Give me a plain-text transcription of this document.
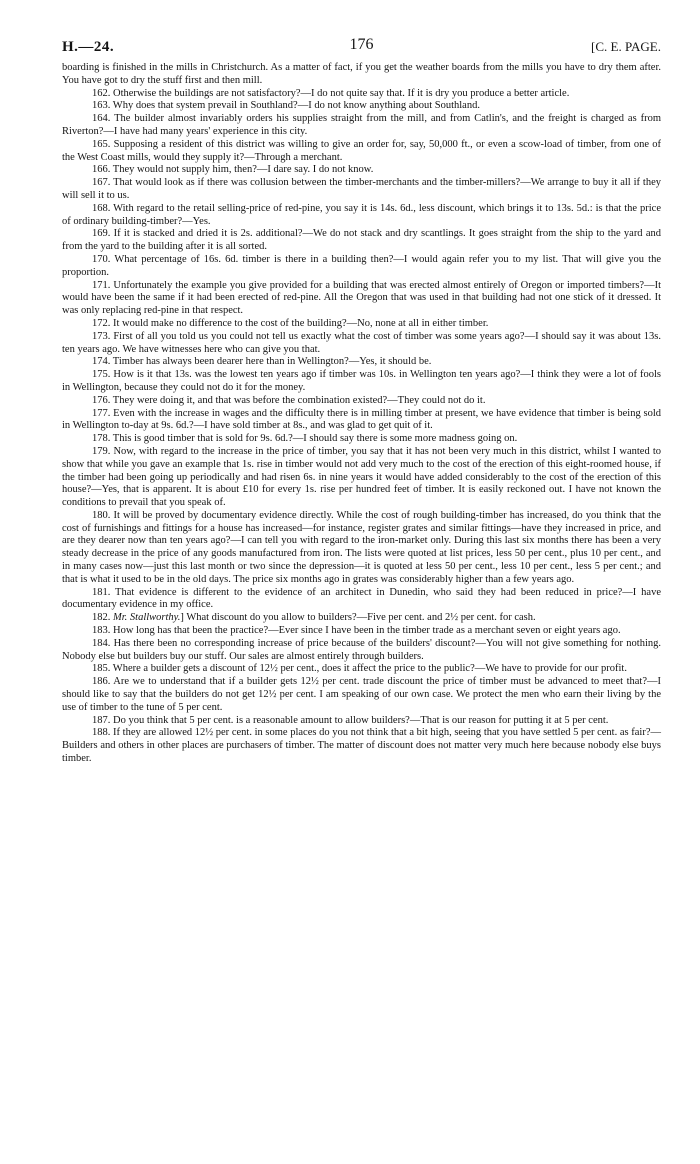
H.—24.	176	[C. E. PAGE.

boarding is finished in the mills in Christchurch. As a matter of fact, if you get the weather boards from the mills you have to dry them after. You have got to dry the stuff first and then mill.

162. Otherwise the buildings are not satisfactory?—I do not quite say that. If it is dry you produce a better article.

163. Why does that system prevail in Southland?—I do not know anything about Southland.

164. The builder almost invariably orders his supplies straight from the mill, and from Catlin's, and the freight is charged as from Riverton?—I have had many years' experience in this city.

165. Supposing a resident of this district was willing to give an order for, say, 50,000 ft., or even a scow-load of timber, from one of the West Coast mills, would they supply it?—Through a merchant.

166. They would not supply him, then?—I dare say. I do not know.

167. That would look as if there was collusion between the timber-merchants and the timber-millers?—We arrange to buy it all if they will sell it to us.

168. With regard to the retail selling-price of red-pine, you say it is 14s. 6d., less discount, which brings it to 13s. 5d.: is that the price of ordinary building-timber?—Yes.

169. If it is stacked and dried it is 2s. additional?—We do not stack and dry scantlings. It goes straight from the ship to the yard and from the yard to the building after it is all sorted.

170. What percentage of 16s. 6d. timber is there in a building then?—I would again refer you to my list. That will give you the proportion.

171. Unfortunately the example you give provided for a building that was erected almost entirely of Oregon or imported timbers?—It would have been the same if it had been erected of red-pine. All the Oregon that was used in that building had not one stick of it dressed. It was only replacing red-pine in that respect.

172. It would make no difference to the cost of the building?—No, none at all in either timber.

173. First of all you told us you could not tell us exactly what the cost of timber was some years ago?—I should say it was about 13s. ten years ago. We have witnesses here who can give you that.

174. Timber has always been dearer here than in Wellington?—Yes, it should be.

175. How is it that 13s. was the lowest ten years ago if timber was 10s. in Wellington ten years ago?—I think they were a lot of fools in Wellington, because they could not do it for the money.

176. They were doing it, and that was before the combination existed?—They could not do it.

177. Even with the increase in wages and the difficulty there is in milling timber at present, we have evidence that timber is being sold in Wellington to-day at 9s. 6d.?—I have sold timber at 8s., and was glad to get quit of it.

178. This is good timber that is sold for 9s. 6d.?—I should say there is some more madness going on.

179. Now, with regard to the increase in the price of timber, you say that it has not been very much in this district, whilst I wanted to show that while you gave an example that 1s. rise in timber would not add very much to the cost of the erection of this eight-roomed house, if the timber had been going up periodically and had risen 6s. in nine years it would have added considerably to the cost of the erection of this house?—Yes, that is apparent. It is about £10 for every 1s. rise per hundred feet of timber. It is easily reckoned out. I have not known the conditions to prevail that you speak of.

180. It will be proved by documentary evidence directly. While the cost of rough building-timber has increased, do you think that the cost of furnishings and fittings for a house has increased—for instance, register grates and similar fittings—have they increased in price, and are they dearer now than ten years ago?—I can tell you with regard to the iron-market only. During this last six months there has been a very steady decrease in the price of any goods manufactured from iron. The lists were quoted at list prices, less 50 per cent., plus 10 per cent., and in many cases now—just this last month or two since the depression—it is quoted at less 50 per cent., less 10 per cent., less 5 per cent.; and that is what it used to be in the old days. The price six months ago in grates was considerably higher than a few years ago.

181. That evidence is different to the evidence of an architect in Dunedin, who said they had been reduced in price?—I have documentary evidence in my office.

182. Mr. Stallworthy.] What discount do you allow to builders?—Five per cent. and 2½ per cent. for cash.

183. How long has that been the practice?—Ever since I have been in the timber trade as a merchant seven or eight years ago.

184. Has there been no corresponding increase of price because of the builders' discount?—You will not give something for nothing. Nobody else but builders buy our stuff. Our sales are almost entirely through builders.

185. Where a builder gets a discount of 12½ per cent., does it affect the price to the public?—We have to provide for our profit.

186. Are we to understand that if a builder gets 12½ per cent. trade discount the price of timber must be advanced to meet that?—I should like to say that the builders do not get 12½ per cent. I am speaking of our own case. We protect the men who earn their living by the use of timber to the tune of 5 per cent.

187. Do you think that 5 per cent. is a reasonable amount to allow builders?—That is our reason for putting it at 5 per cent.

188. If they are allowed 12½ per cent. in some places do you not think that a bit high, seeing that you have settled 5 per cent. as fair?—Builders and others in other places are purchasers of timber. The matter of discount does not matter very much here because nobody else buys timber.
